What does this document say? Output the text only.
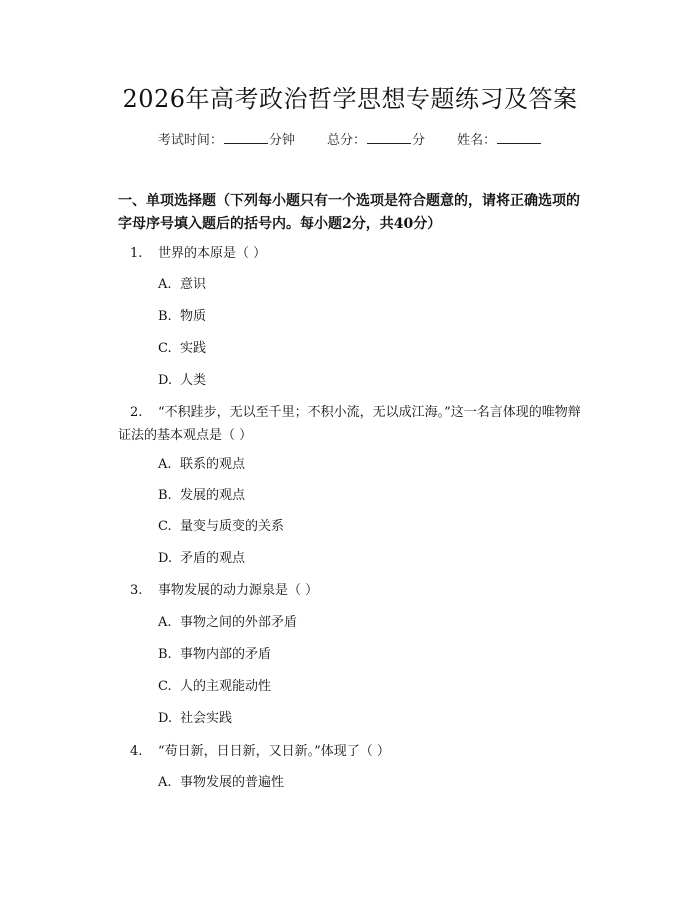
2026年高考政治哲学思想专题练习及答案
考试时间：	分钟 总分：	分 姓名：
一、单项选择题（下列每小题只有一个选项是符合题意的，请将正确选项的字母序号填入题后的括号内。每小题2分，共40分）
1. 世界的本原是（ ）
A. 意识
B. 物质
C. 实践
D. 人类
2. “不积跬步，无以至千里；不积小流，无以成江海。”这一名言体现的唯物辩证法的基本观点是（ ）
A. 联系的观点
B. 发展的观点
C. 量变与质变的关系
D. 矛盾的观点
3. 事物发展的动力源泉是（ ）
A. 事物之间的外部矛盾
B. 事物内部的矛盾
C. 人的主观能动性
D. 社会实践
4. “苟日新，日日新，又日新。”体现了（ ）
A. 事物发展的普遍性
